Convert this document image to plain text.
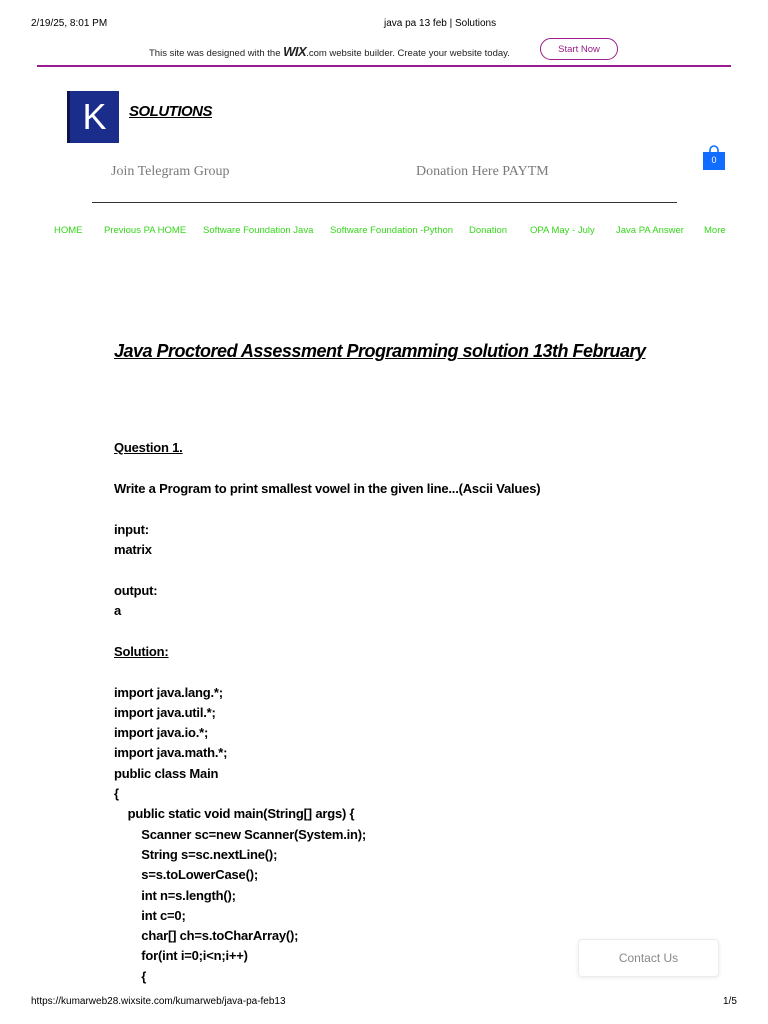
2/19/25, 8:01 PM	java pa 13 feb | Solutions
This site was designed with the WIX.com website builder. Create your website today.	Start Now
K SOLUTIONS
Join Telegram Group	Donation Here PAYTM
0
HOME Previous PA HOME Software Foundation Java Software Foundation -Python Donation OPA May - July Java PA Answer More
Java Proctored Assessment Programming solution 13th February
Question 1.
Write a Program to print smallest vowel in the given line...(Ascii Values)
input:
matrix
output:
a
Solution:
import java.lang.*;
import java.util.*;
import java.io.*;
import java.math.*;
public class Main
{
public static void main(String[] args) {
Scanner sc=new Scanner(System.in);
String s=sc.nextLine();
s=s.toLowerCase();
int n=s.length();
int c=0;
char[] ch=s.toCharArray();
for(int i=0;i<n;i++)
{
Contact Us
https://kumarweb28.wixsite.com/kumarweb/java-pa-feb13	1/5
